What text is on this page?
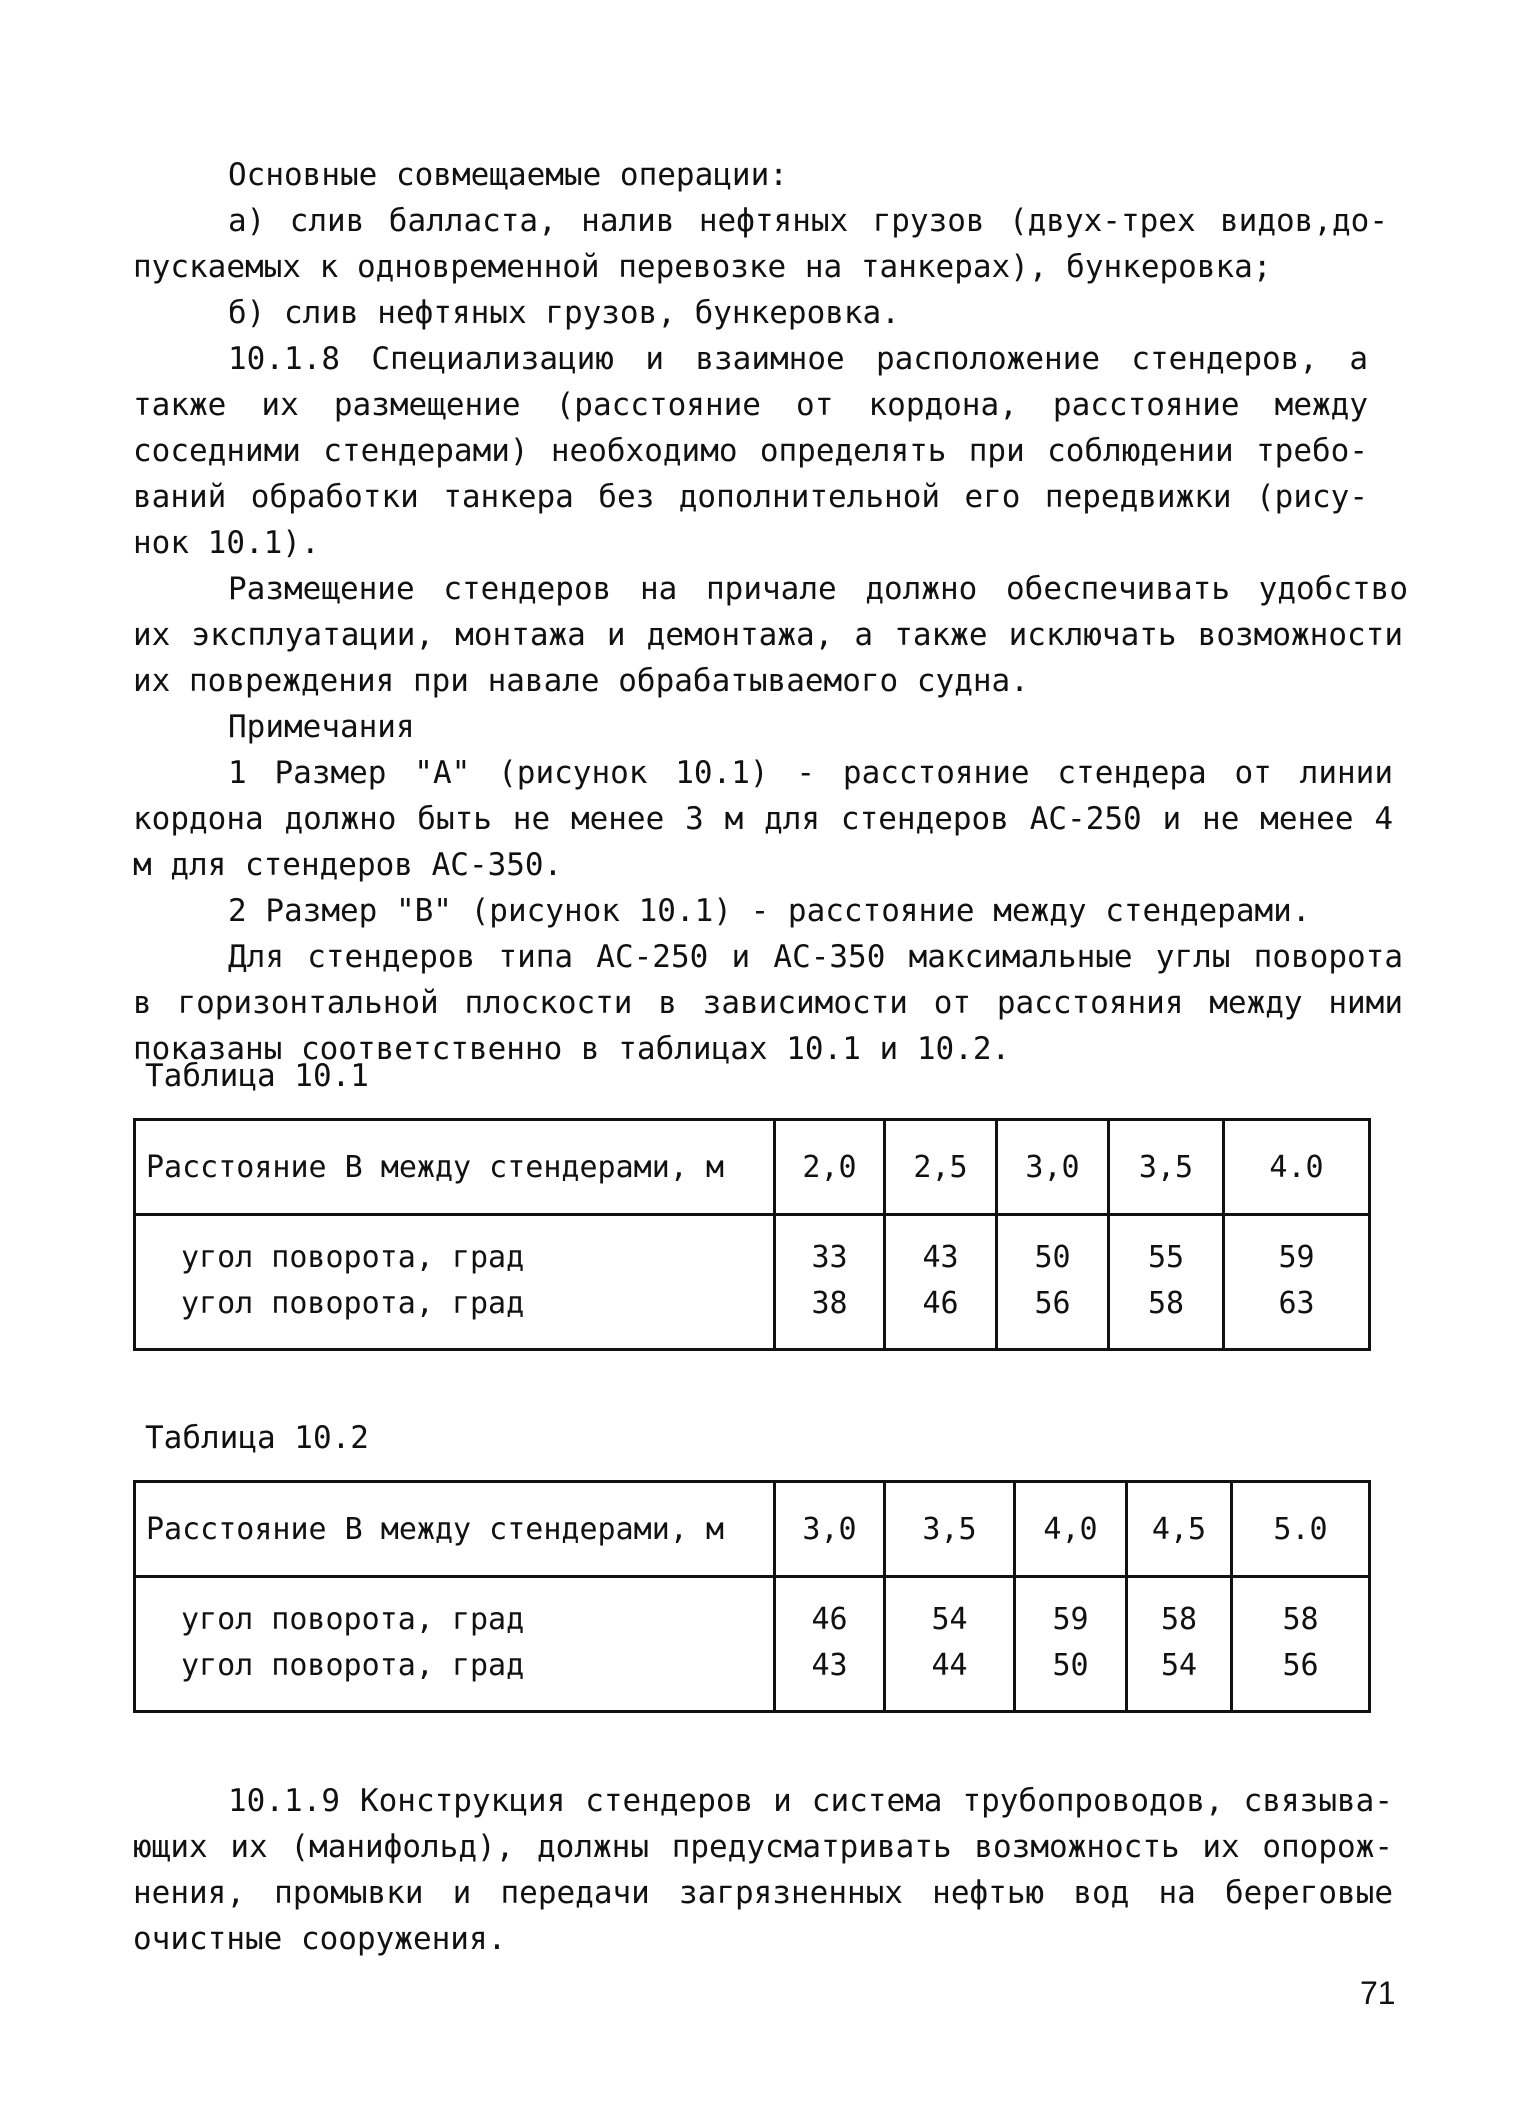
Основные совмещаемые операции:
а) слив балласта, налив нефтяных грузов (двух-трех видов,до-
пускаемых к одновременной перевозке на танкерах), бункеровка;
б) слив нефтяных грузов, бункеровка.
10.1.8 Специализацию и взаимное расположение стендеров, а
также их размещение (расстояние от кордона, расстояние между
соседними стендерами) необходимо определять при соблюдении требо-
ваний обработки танкера без дополнительной его передвижки (рису-
нок 10.1).
Размещение стендеров на причале должно обеспечивать удобство
их эксплуатации, монтажа и демонтажа, а также исключать возможности
их повреждения при навале обрабатываемого судна.
Примечания
1 Размер "А" (рисунок 10.1) - расстояние стендера от линии
кордона должно быть не менее 3 м для стендеров АС-250 и не менее 4
м для стендеров АС-350.
2 Размер "В" (рисунок 10.1) - расстояние между стендерами.
Для стендеров типа АС-250 и АС-350 максимальные углы поворота
в горизонтальной плоскости в зависимости от расстояния между ними
показаны соответственно в таблицах 10.1 и 10.2.
Таблица 10.1
Расстояние В между стендерами, м	2,0	2,5	3,0	3,5	4.0
угол поворота, град	33	43	50	55	59
угол поворота, град	38	46	56	58	63
Таблица 10.2
Расстояние В между стендерами, м	3,0	3,5	4,0	4,5	5.0
угол поворота, град	46	54	59	58	58
угол поворота, град	43	44	50	54	56
10.1.9 Конструкция стендеров и система трубопроводов, связыва-
ющих их (манифольд), должны предусматривать возможность их опорож-
нения, промывки и передачи загрязненных нефтью вод на береговые
очистные сооружения.
71
